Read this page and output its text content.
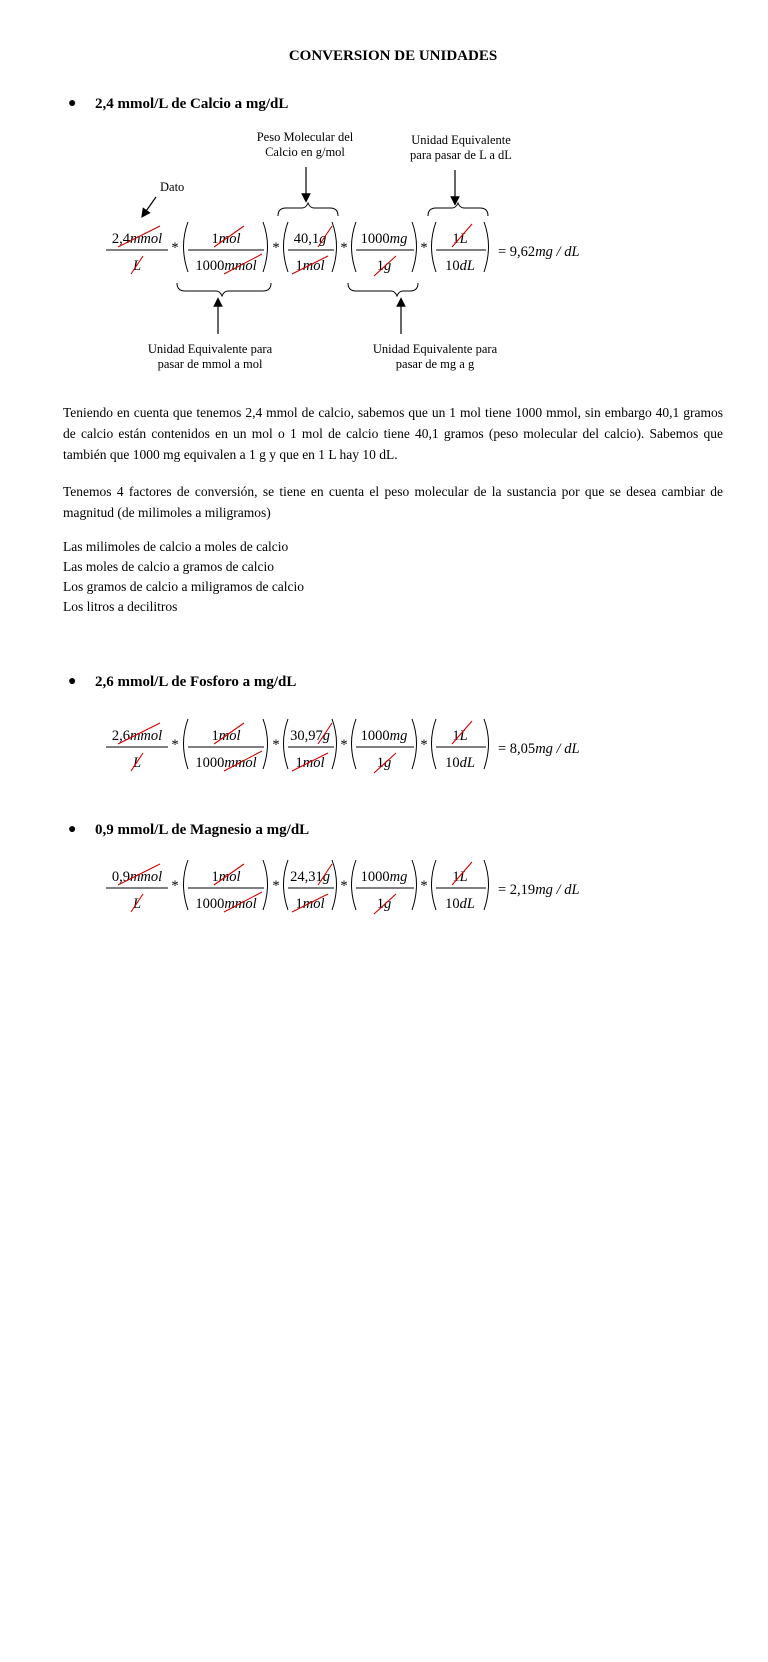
CONVERSION DE UNIDADES
● 2,4 mmol/L de Calcio a mg/dL
Dato
Peso Molecular del
Calcio en g/mol
Unidad Equivalente
para pasar de L a dL
Unidad Equivalente para
pasar de mmol a mol
Unidad Equivalente para
pasar de mg a g
2,4mmol
L
*
1mol
1000mmol
*
40,1g
1mol
*
1000mg
1g
*
1L
10dL
= 9,62mg / dL
2,6mmol
L
*
1mol
1000mmol
*
30,97g
1mol
*
1000mg
1g
*
1L
10dL
= 8,05mg / dL
0,9mmol
L
*
1mol
1000mmol
*
24,31g
1mol
*
1000mg
1g
*
1L
10dL
= 2,19mg / dL
Teniendo en cuenta que tenemos 2,4 mmol de calcio, sabemos que un 1 mol tiene 1000 mmol, sin embargo 40,1 gramos de calcio están contenidos en un mol o 1 mol de calcio tiene 40,1 gramos (peso molecular del calcio). Sabemos que también que 1000 mg equivalen a 1 g y que en 1 L hay 10 dL.
Tenemos 4 factores de conversión, se tiene en cuenta el peso molecular de la sustancia por que se desea cambiar de magnitud (de milimoles a miligramos)
Las milimoles de calcio a moles de calcio
Las moles de calcio a gramos de calcio
Los gramos de calcio a miligramos de calcio
Los litros a decilitros
● 2,6 mmol/L de Fosforo a mg/dL
● 0,9 mmol/L de Magnesio a mg/dL
